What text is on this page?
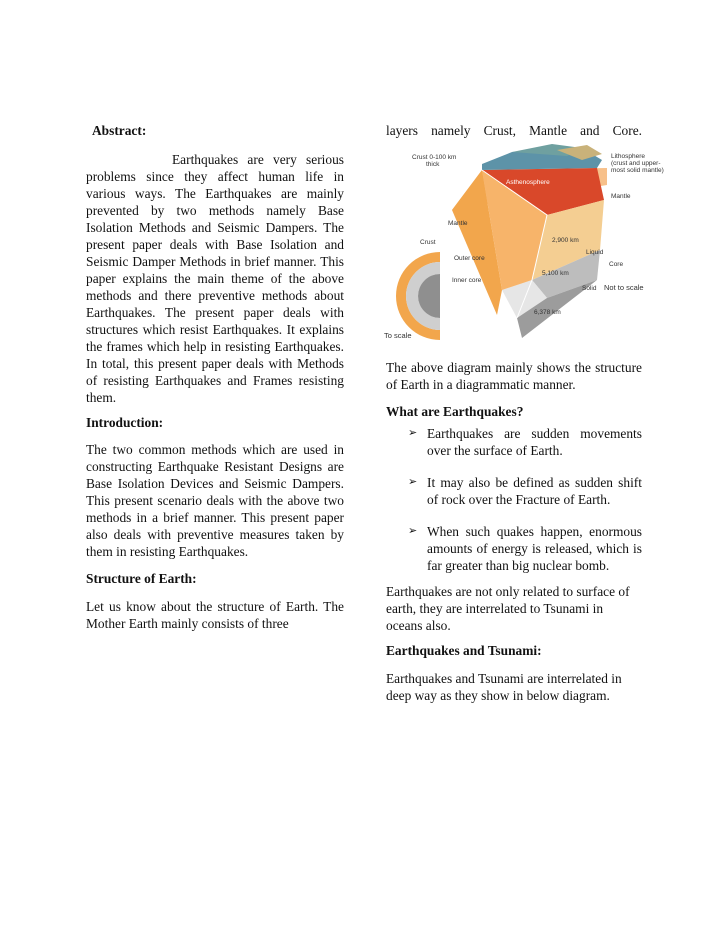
Abstract:

Earthquakes are very serious problems since they affect human life in various ways. The Earthquakes are mainly prevented by two methods namely Base Isolation Methods and Seismic Dampers. The present paper deals with Base Isolation and Seismic Damper Methods in brief manner. This paper explains the main theme of the above methods and there preventive methods about Earthquakes. The present paper deals with structures which resist Earthquakes. It explains the frames which help in resisting Earthquakes. In total, this present paper deals with Methods of resisting Earthquakes and Frames resisting them.

Introduction:

The two common methods which are used in constructing Earthquake Resistant Designs are Base Isolation Devices and Seismic Dampers. This present scenario deals with the above two methods in a brief manner. This present paper also deals with preventive measures taken by them in resisting Earthquakes.

Structure of Earth:

Let us know about the structure of Earth. The Mother Earth mainly consists of three

layers namely Crust, Mantle and Core.

Lithosphere
(crust and upper-
most solid mantle)
Crust 0-100 km
thick
Asthenosphere
Mantle
Mantle
Crust	2,900 km
Liquid
Outer core
Core
5,100 km
Inner core
Solid Not to scale
6,378 km
To scale

The above diagram mainly shows the structure of Earth in a diagrammatic manner.

What are Earthquakes?
➢ Earthquakes are sudden movements over the surface of Earth.
➢ It may also be defined as sudden shift of rock over the Fracture of Earth.
➢ When such quakes happen, enormous amounts of energy is released, which is far greater than big nuclear bomb.

Earthquakes are not only related to surface of earth, they are interrelated to Tsunami in oceans also.

Earthquakes and Tsunami:

Earthquakes and Tsunami are interrelated in deep way as they show in below diagram.
